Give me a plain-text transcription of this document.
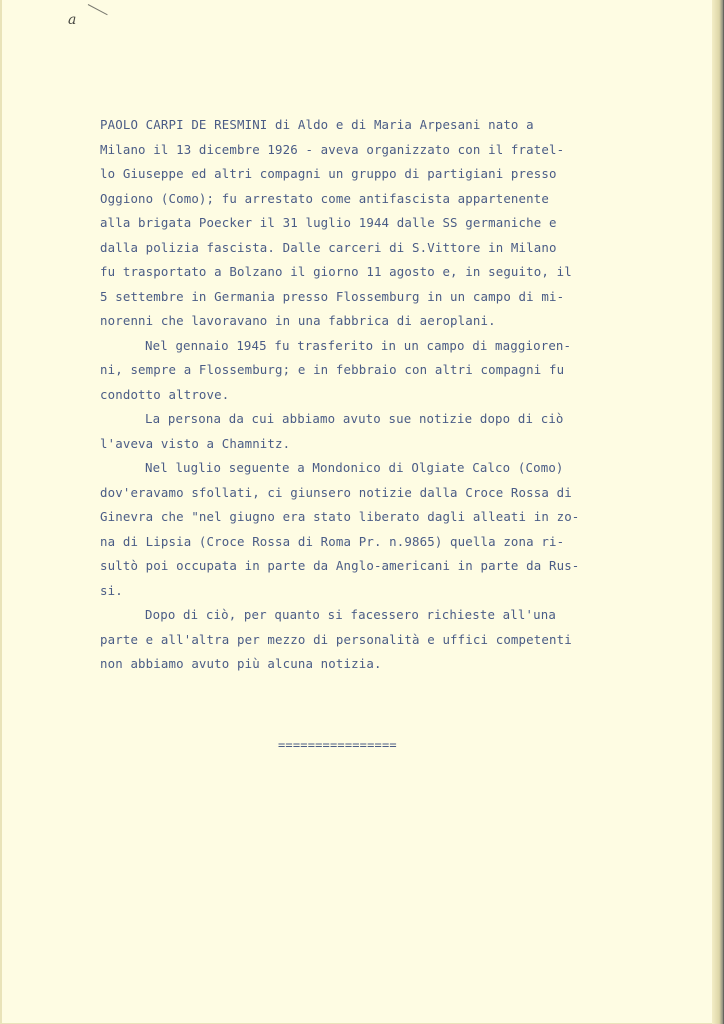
a
PAOLO CARPI DE RESMINI di Aldo e di Maria Arpesani nato a
Milano il 13 dicembre 1926 - aveva organizzato con il fratel-
lo Giuseppe ed altri compagni un gruppo di partigiani presso
Oggiono (Como); fu arrestato come antifascista appartenente
alla brigata Poecker il 31 luglio 1944 dalle SS germaniche e
dalla polizia fascista. Dalle carceri di S.Vittore in Milano
fu trasportato a Bolzano il giorno 11 agosto e, in seguito, il
5 settembre in Germania presso Flossemburg in un campo di mi-
norenni che lavoravano in una fabbrica di aeroplani.
Nel gennaio 1945 fu trasferito in un campo di maggioren-
ni, sempre a Flossemburg; e in febbraio con altri compagni fu
condotto altrove.
La persona da cui abbiamo avuto sue notizie dopo di ciò
l'aveva visto a Chamnitz.
Nel luglio seguente a Mondonico di Olgiate Calco (Como)
dov'eravamo sfollati, ci giunsero notizie dalla Croce Rossa di
Ginevra che "nel giugno era stato liberato dagli alleati in zo-
na di Lipsia (Croce Rossa di Roma Pr. n.9865) quella zona ri-
sultò poi occupata in parte da Anglo-americani in parte da Rus-
si.
Dopo di ciò, per quanto si facessero richieste all'una
parte e all'altra per mezzo di personalità e uffici competenti
non abbiamo avuto più alcuna notizia.
================
